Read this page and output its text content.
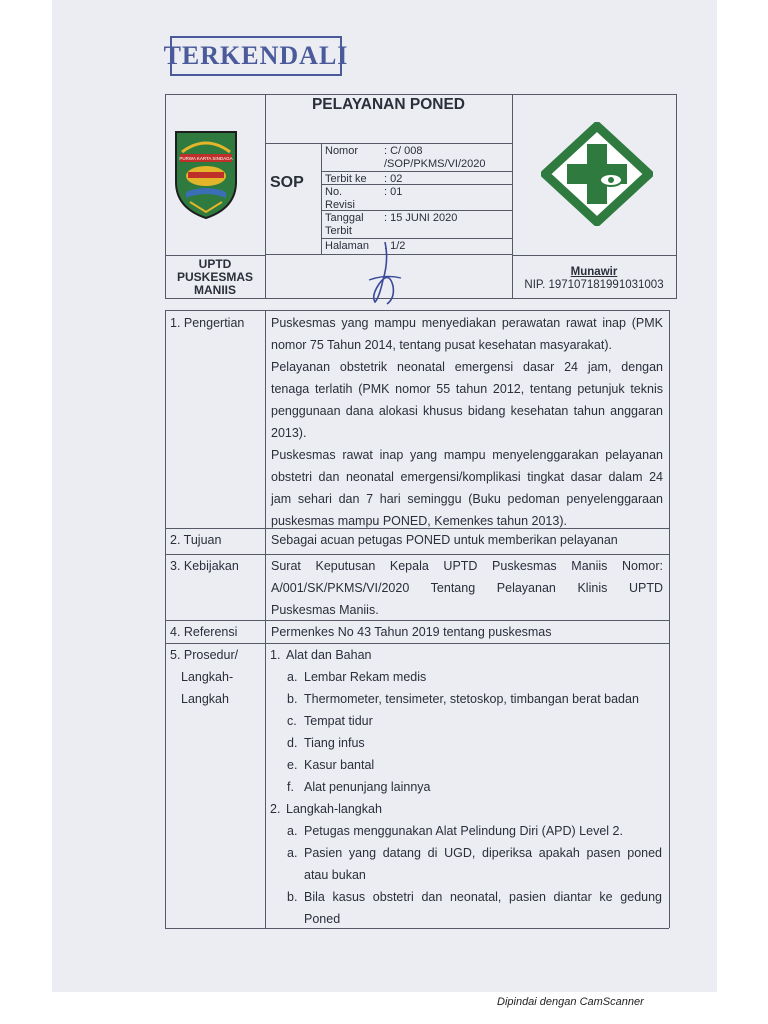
TERKENDALI
PELAYANAN PONED
SOP
PURWA KARTA SINDAGA
UPTD
PUSKESMAS
MANIIS
Nomor : C/ 008
/SOP/PKMS/VI/2020
Terbit ke : 02
No.
Revisi
: 01
Tanggal
Terbit
: 15 JUNI 2020
Halaman : 1/2
Munawir
NIP. 197107181991031003
1. Pengertian Puskesmas yang mampu menyediakan perawatan rawat inap (PMK
nomor 75 Tahun 2014, tentang pusat kesehatan masyarakat).
Pelayanan obstetrik neonatal emergensi dasar 24 jam, dengan
tenaga terlatih (PMK nomor 55 tahun 2012, tentang petunjuk teknis
penggunaan dana alokasi khusus bidang kesehatan tahun anggaran
2013).
Puskesmas rawat inap yang mampu menyelenggarakan pelayanan
obstetri dan neonatal emergensi/komplikasi tingkat dasar dalam 24
jam sehari dan 7 hari seminggu (Buku pedoman penyelenggaraan
puskesmas mampu PONED, Kemenkes tahun 2013).
2. Tujuan	Sebagai acuan petugas PONED untuk memberikan pelayanan
3. Kebijakan	Surat Keputusan Kepala UPTD Puskesmas Maniis Nomor:
A/001/SK/PKMS/VI/2020 Tentang Pelayanan Klinis UPTD
Puskesmas Maniis.
4. Referensi	Permenkes No 43 Tahun 2019 tentang puskesmas
5. Prosedur/
Langkah-
Langkah
1. Alat dan Bahan
a. Lembar Rekam medis
b. Thermometer, tensimeter, stetoskop, timbangan berat badan
c. Tempat tidur
d. Tiang infus
e. Kasur bantal
f. Alat penunjang lainnya
2. Langkah-langkah
a. Petugas menggunakan Alat Pelindung Diri (APD) Level 2.
a. Pasien yang datang di UGD, diperiksa apakah pasen poned
atau bukan
b. Bila kasus obstetri dan neonatal, pasien diantar ke gedung
Poned
Dipindai dengan CamScanner
